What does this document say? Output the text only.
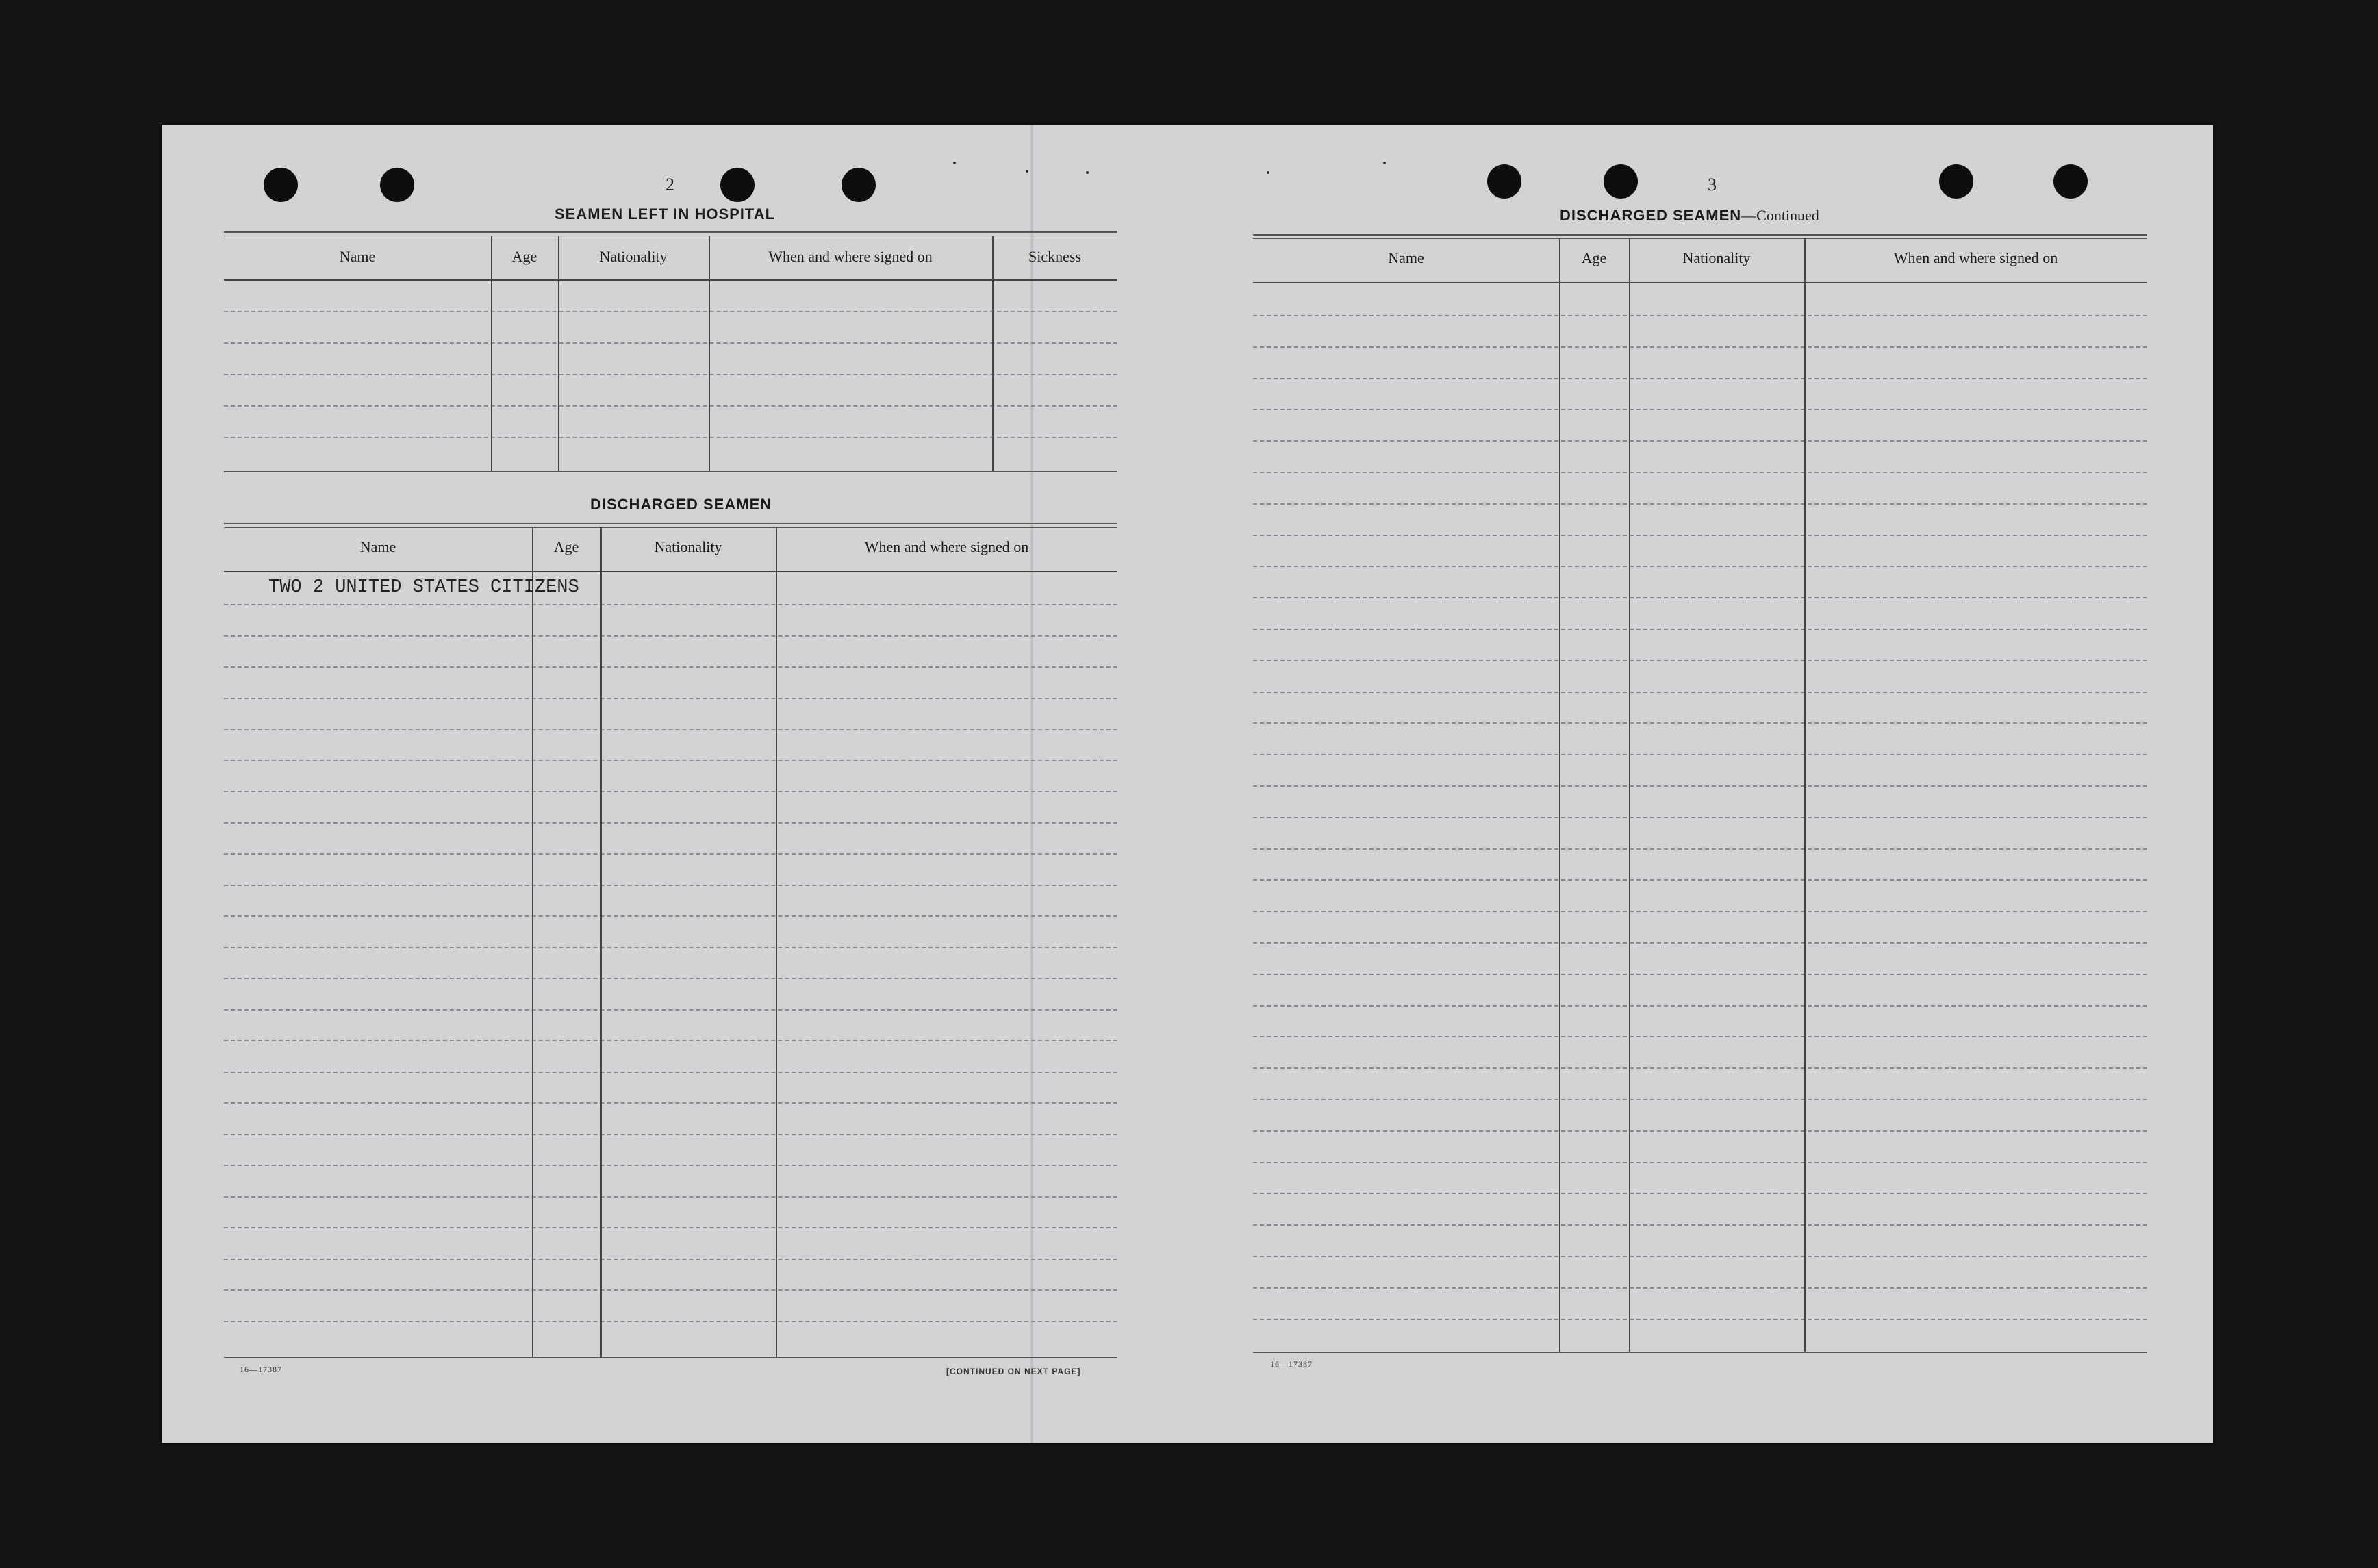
2
SEAMEN LEFT IN HOSPITAL
Name	Age	Nationality	When and where signed on	Sickness
DISCHARGED SEAMEN
Name	Age	Nationality	When and where signed on
TWO 2 UNITED STATES CITIZENS
16—17387	[CONTINUED ON NEXT PAGE]
3
DISCHARGED SEAMEN—Continued
Name	Age	Nationality	When and where signed on
16—17387
